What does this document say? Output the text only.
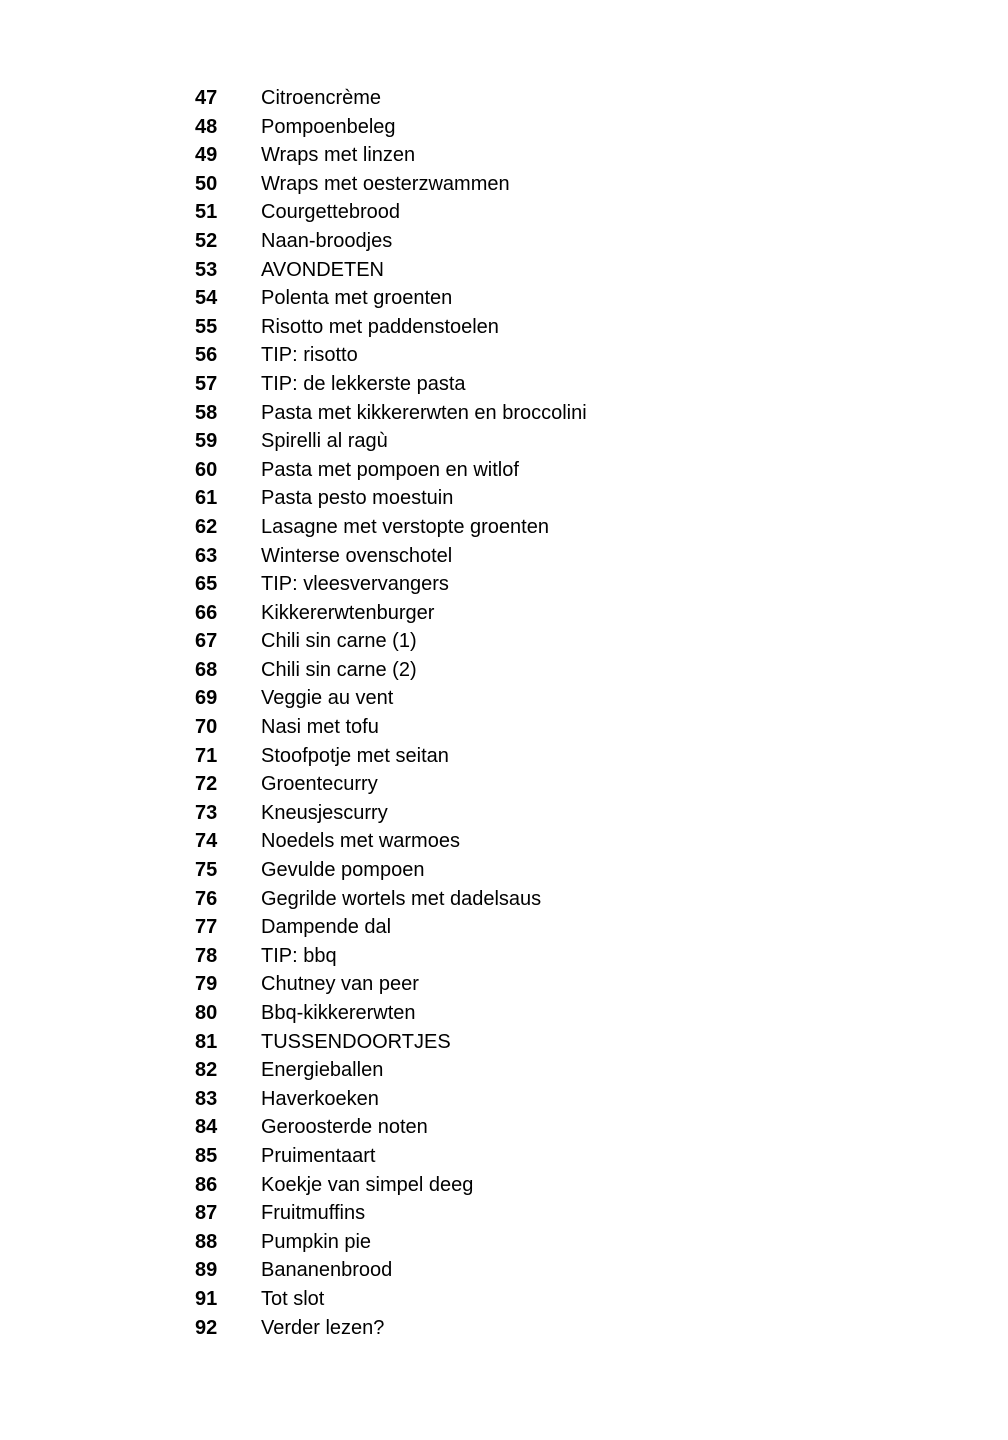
47 Citroencrème
48 Pompoenbeleg
49 Wraps met linzen
50 Wraps met oesterzwammen
51 Courgettebrood
52 Naan-broodjes
53 AVONDETEN
54 Polenta met groenten
55 Risotto met paddenstoelen
56 TIP: risotto
57 TIP: de lekkerste pasta
58 Pasta met kikkererwten en broccolini
59 Spirelli al ragù
60 Pasta met pompoen en witlof
61 Pasta pesto moestuin
62 Lasagne met verstopte groenten
63 Winterse ovenschotel
65 TIP: vleesvervangers
66 Kikkererwtenburger
67 Chili sin carne (1)
68 Chili sin carne (2)
69 Veggie au vent
70 Nasi met tofu
71 Stoofpotje met seitan
72 Groentecurry
73 Kneusjescurry
74 Noedels met warmoes
75 Gevulde pompoen
76 Gegrilde wortels met dadelsaus
77 Dampende dal
78 TIP: bbq
79 Chutney van peer
80 Bbq-kikkererwten
81 TUSSENDOORTJES
82 Energieballen
83 Haverkoeken
84 Geroosterde noten
85 Pruimentaart
86 Koekje van simpel deeg
87 Fruitmuffins
88 Pumpkin pie
89 Bananenbrood
91 Tot slot
92 Verder lezen?
